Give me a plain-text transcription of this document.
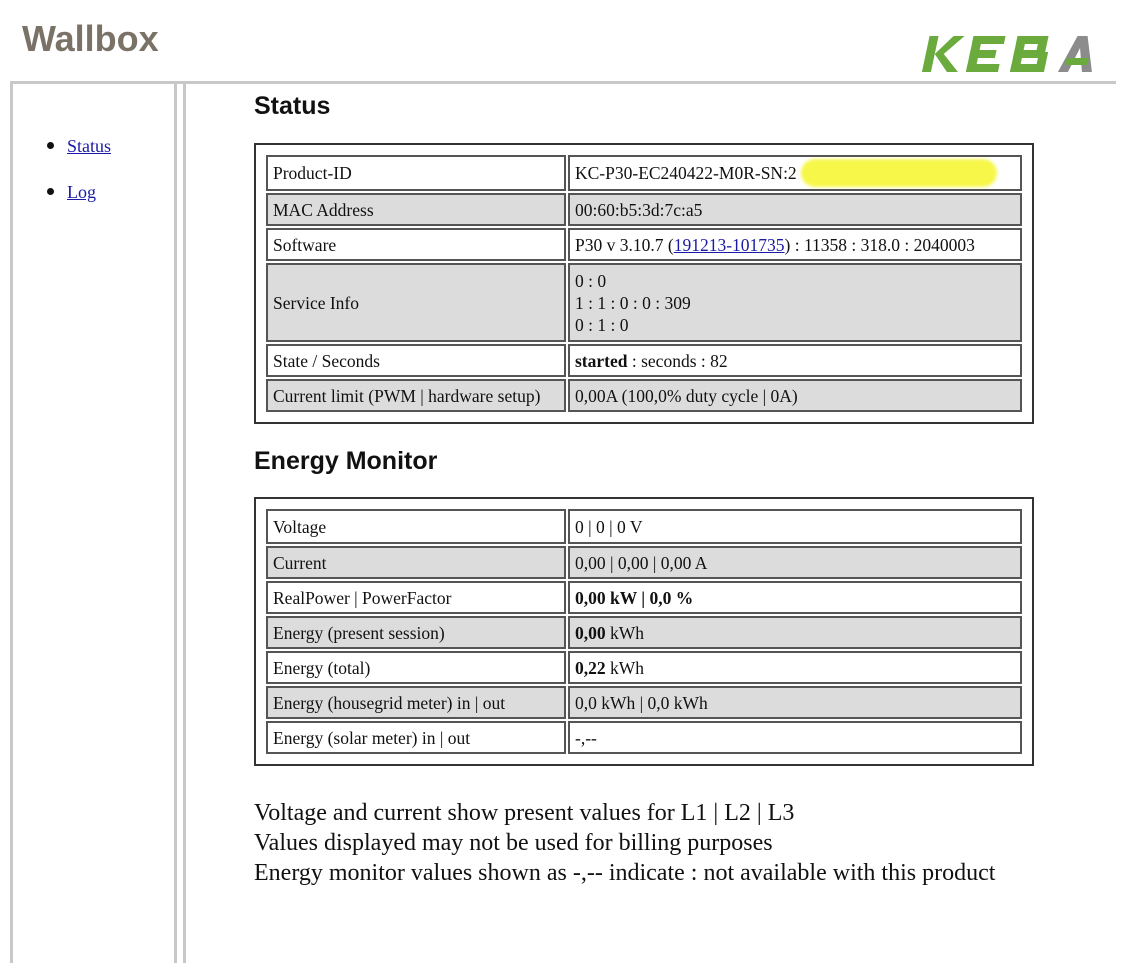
Wallbox
Status
Log
Status
Product-ID	KC-P30-EC240422-M0R-SN:2
MAC Address	00:60:b5:3d:7c:a5
Software	P30 v 3.10.7 (191213-101735) : 11358 : 318.0 : 2040003
Service Info	0 : 0
1 : 1 : 0 : 0 : 309
0 : 1 : 0

State / Seconds	started : seconds : 82
Current limit (PWM | hardware setup)	0,00A (100,0% duty cycle | 0A)
Energy Monitor
Voltage	0 | 0 | 0 V
Current	0,00 | 0,00 | 0,00 A
RealPower | PowerFactor	0,00 kW | 0,0 %
Energy (present session)	0,00 kWh
Energy (total)	0,22 kWh
Energy (housegrid meter) in | out	0,0 kWh | 0,0 kWh
Energy (solar meter) in | out	-,--
Voltage and current show present values for L1 | L2 | L3
Values displayed may not be used for billing purposes
Energy monitor values shown as -,-- indicate : not available with this product
